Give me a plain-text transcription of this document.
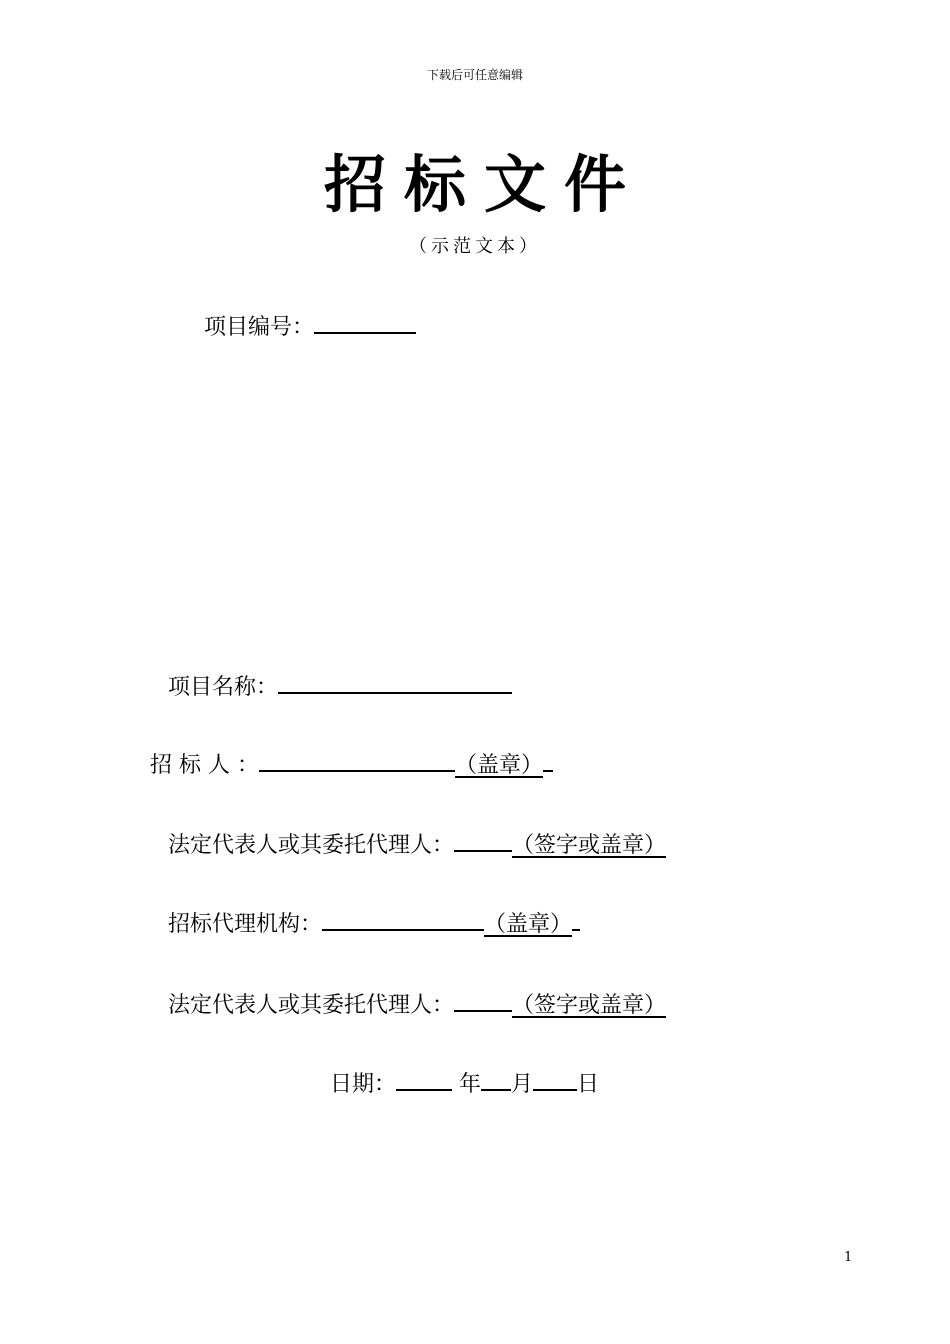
下载后可任意编辑
招标文件
（示范文本）
项目编号：
项目名称：
招 标 人 ：	（盖章）
法定代表人或其委托代理人：	（签字或盖章）
招标代理机构：	（盖章）
法定代表人或其委托代理人：	（签字或盖章）
日期：	年 月 日
1
